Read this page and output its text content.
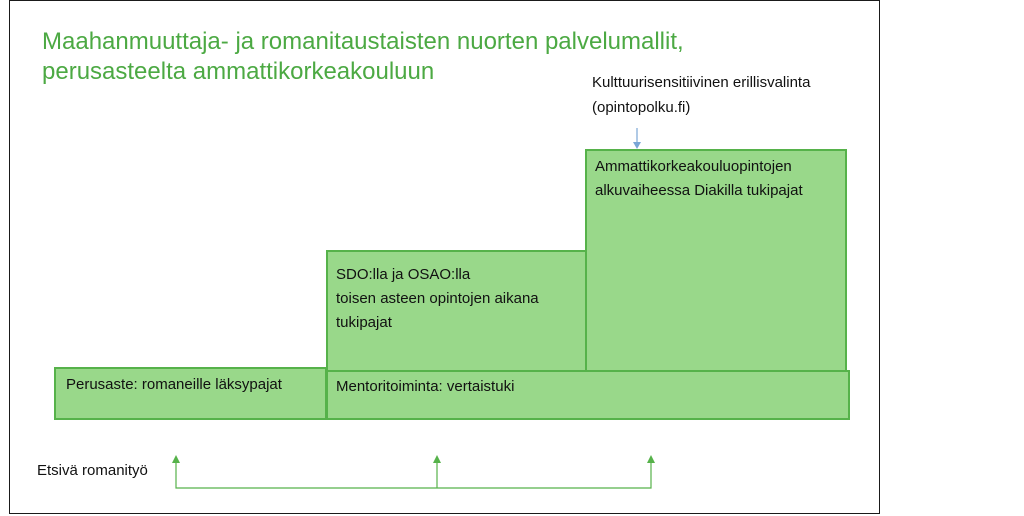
Maahanmuuttaja- ja romanitaustaisten nuorten palvelumallit,
perusasteelta ammattikorkeakouluun	Kulttuurisensitiivinen erillisvalinta
(opintopolku.fi)
Ammattikorkeakouluopintojen
alkuvaiheessa Diakilla tukipajat
SDO:lla ja OSAO:lla
toisen asteen opintojen aikana
tukipajat
Perusaste: romaneille läksypajat	Mentoritoiminta: vertaistuki
Etsivä romanityö
